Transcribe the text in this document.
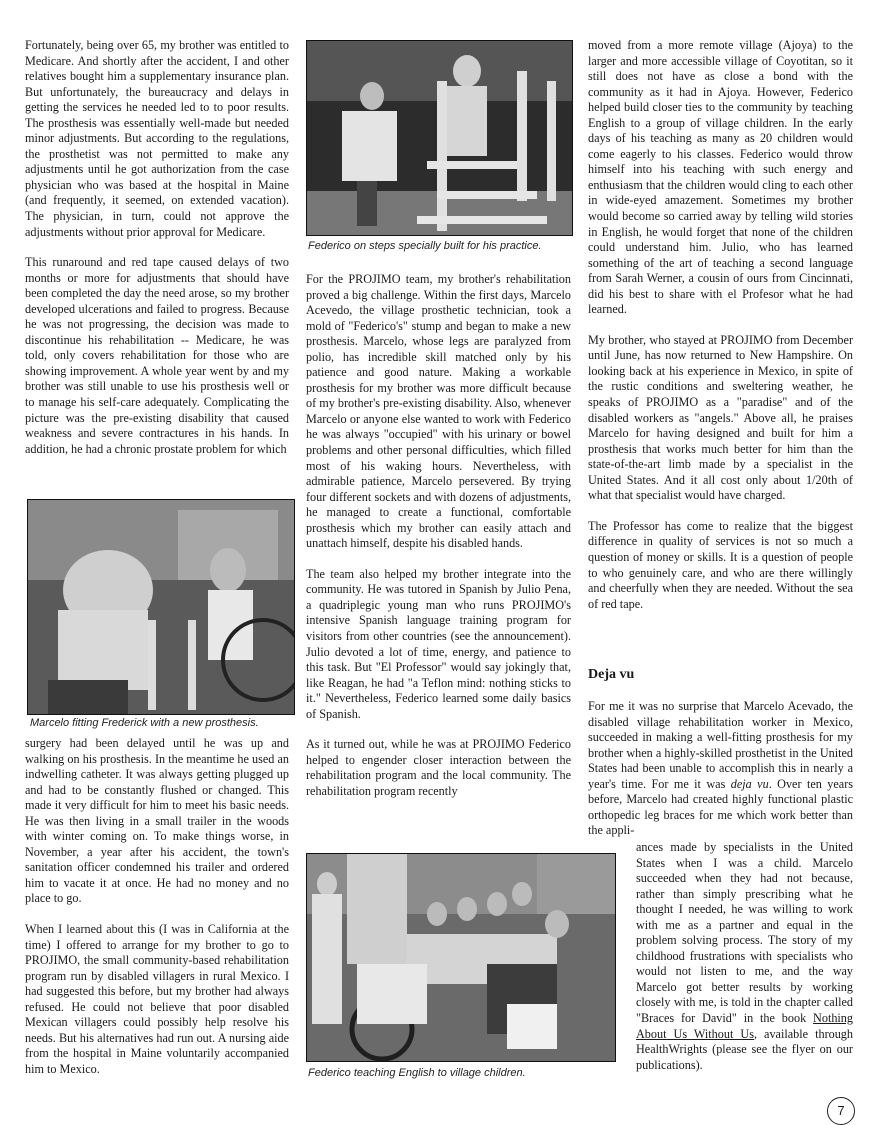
Fortunately, being over 65, my brother was entitled to Medicare. And shortly after the accident, I and other relatives bought him a supplementary insurance plan. But unfortunately, the bureaucracy and delays in getting the services he needed led to to poor results. The prosthesis was essentially well-made but needed minor adjustments. But according to the regulations, the prosthetist was not permitted to make any adjustments until he got authorization from the case physician who was based at the hospital in Maine (and frequently, it seemed, on extended vacation). The physician, in turn, could not approve the adjustments without prior approval for Medicare.

This runaround and red tape caused delays of two months or more for adjustments that should have been completed the day the need arose, so my brother developed ulcerations and failed to progress. Because he was not progressing, the decision was made to discontinue his rehabilitation -- Medicare, he was told, only covers rehabilitation for those who are showing improvement. A whole year went by and my brother was still unable to use his prosthesis well or to manage his self-care adequately. Complicating the picture was the pre-existing disability that caused weakness and severe contractures in his hands. In addition, he had a chronic prostate problem for which

Marcelo fitting Frederick with a new prosthesis.

surgery had been delayed until he was up and walking on his prosthesis. In the meantime he used an indwelling catheter. It was always getting plugged up and had to be constantly flushed or changed. This made it very difficult for him to meet his basic needs. He was then living in a small trailer in the woods with winter coming on. To make things worse, in November, a year after his accident, the town's sanitation officer condemned his trailer and ordered him to vacate it at once. He had no money and no place to go.

When I learned about this (I was in California at the time) I offered to arrange for my brother to go to PROJIMO, the small community-based rehabilitation program run by disabled villagers in rural Mexico. I had suggested this before, but my brother had always refused. He could not believe that poor disabled Mexican villagers could possibly help resolve his needs. But his alternatives had run out. A nursing aide from the hospital in Maine voluntarily accompanied him to Mexico.

Federico on steps specially built for his practice.

For the PROJIMO team, my brother's rehabilitation proved a big challenge. Within the first days, Marcelo Acevedo, the village prosthetic technician, took a mold of "Federico's" stump and began to make a new prosthesis. Marcelo, whose legs are paralyzed from polio, has incredible skill matched only by his patience and good nature. Making a workable prosthesis for my brother was more difficult because of my brother's pre-existing disability. Also, whenever Marcelo or anyone else wanted to work with Federico he was always "occupied" with his urinary or bowel problems and other personal difficulties, which filled most of his waking hours. Nevertheless, with admirable patience, Marcelo persevered. By trying four different sockets and with dozens of adjustments, he managed to create a functional, comfortable prosthesis which my brother can easily attach and unattach himself, despite his disabled hands.

The team also helped my brother integrate into the community. He was tutored in Spanish by Julio Pena, a quadriplegic young man who runs PROJIMO's intensive Spanish language training program for visitors from other countries (see the announcement). Julio devoted a lot of time, energy, and patience to this task. But "El Professor" would say jokingly that, like Reagan, he had "a Teflon mind: nothing sticks to it." Nevertheless, Federico learned some daily basics of Spanish.

As it turned out, while he was at PROJIMO Federico helped to engender closer interaction between the rehabilitation program and the local community. The rehabilitation program recently

Federico teaching English to village children.

moved from a more remote village (Ajoya) to the larger and more accessible village of Coyotitan, so it still does not have as close a bond with the community as it had in Ajoya. However, Federico helped build closer ties to the community by teaching English to a group of village children. In the early days of his teaching as many as 20 children would come eagerly to his classes. Federico would throw himself into his teaching with such energy and enthusiasm that the children would cling to each other in wide-eyed amazement. Sometimes my brother would become so carried away by telling wild stories in English, he would forget that none of the children could understand him. Julio, who has learned something of the art of teaching a second language from Sarah Werner, a cousin of ours from Cincinnati, did his best to share with el Profesor what he had learned.

My brother, who stayed at PROJIMO from December until June, has now returned to New Hampshire. On looking back at his experience in Mexico, in spite of the rustic conditions and sweltering weather, he speaks of PROJIMO as a "paradise" and of the disabled workers as "angels." Above all, he praises Marcelo for having designed and built for him a prosthesis that works much better for him than the state-of-the-art limb made by a specialist in the United States. And it all cost only about 1/20th of what that specialist would have charged.

The Professor has come to realize that the biggest difference in quality of services is not so much a question of money or skills. It is a question of people to who genuinely care, and who are there willingly and cheerfully when they are needed. Without the sea of red tape.

Deja vu

For me it was no surprise that Marcelo Acevado, the disabled village rehabilitation worker in Mexico, succeeded in making a well-fitting prosthesis for my brother when a highly-skilled prosthetist in the United States had been unable to accomplish this in nearly a year's time. For me it was deja vu. Over ten years before, Marcelo had created highly functional plastic orthopedic leg braces for me which work better than the appli-

ances made by specialists in the United States when I was a child. Marcelo succeeded when they had not because, rather than simply prescribing what he thought I needed, he was willing to work with me as a partner and equal in the problem solving process. The story of my childhood frustrations with specialists who would not listen to me, and the way Marcelo got better results by working closely with me, is told in the chapter called "Braces for David" in the book Nothing About Us Without Us, available through HealthWrights (please see the flyer on our publications).

7
